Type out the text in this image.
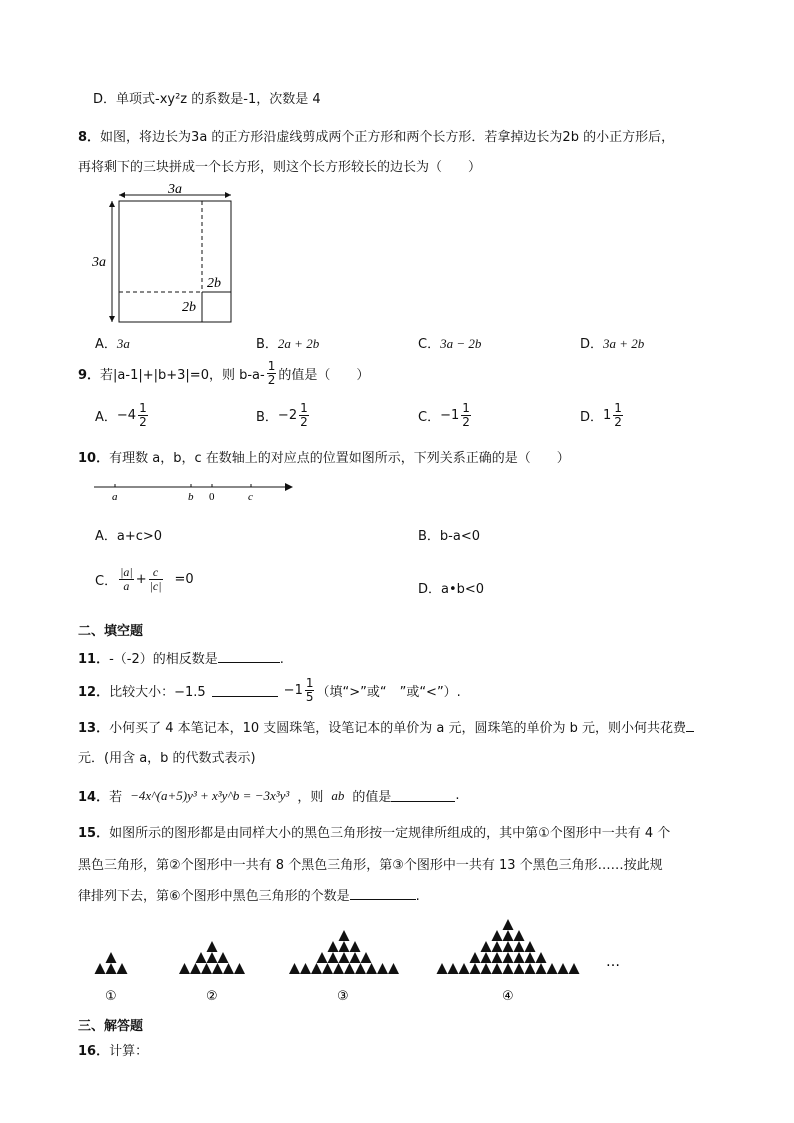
D．单项式-xy²z 的系数是-1，次数是 4
8．如图，将边长为3a 的正方形沿虚线剪成两个正方形和两个长方形．若拿掉边长为2b 的小正方形后，
再将剩下的三块拼成一个长方形，则这个长方形较长的边长为（　　）
3a
3a
2b
2b
A．3a	B．2a + 2b	C．3a − 2b	D．3a + 2b
9． 若|a-1|+|b+3|=0，则 $b-a- \frac{1}{2}$ 的值是（　　）
A． $-4 \frac{1}{2}$	B． $-2 \frac{1}{2}$	C． $-1 \frac{1}{2}$	D． $1 \frac{1}{2}$
10．有理数 a，b，c 在数轴上的对应点的位置如图所示，下列关系正确的是（　　）
a	b 0	c
A．a+c>0	B．b-a<0
C． $\frac{|a|}{a} + \frac{c}{|c|} =0$
D．a•b<0
二、填空题
11．-（-2）的相反数是	.
12． 比较大小：−1.5	$-1 \frac{1}{5}$ （填“>”或“　”或“<”）.
13．小何买了 4 本笔记本，10 支圆珠笔，设笔记本的单价为 a 元，圆珠笔的单价为 b 元，则小何共花费
元．(用含 a，b 的代数式表示)
14． 若 −4x^(a+5)y³ + x³y^b = −3x³y³ ，则 ab 的值是	.
15．如图所示的图形都是由同样大小的黑色三角形按一定规律所组成的，其中第①个图形中一共有 4 个
黑色三角形，第②个图形中一共有 8 个黑色三角形，第③个图形中一共有 13 个黑色三角形……按此规
律排列下去，第⑥个图形中黑色三角形的个数是	.
①	②	③	④
…
三、解答题
16．计算：
